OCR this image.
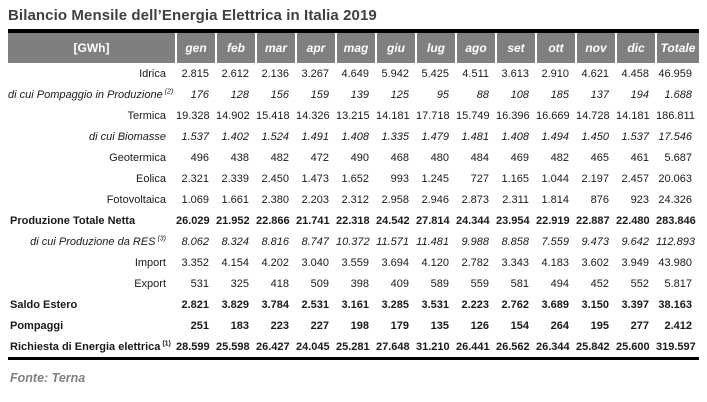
Bilancio Mensile dell’Energia Elettrica in Italia 2019
[GWh]	gen	feb	mar	apr	mag	giu	lug	ago	set	ott	nov	dic	Totale
Idrica	2.815	2.612	2.136	3.267	4.649	5.942	5.425	4.511	3.613	2.910	4.621	4.458	46.959
di cui Pompaggio in Produzione $^{(2)}$	176	128	156	159	139	125	95	88	108	185	137	194	1.688
Termica	19.328	14.902	15.418	14.326	13.215	14.181	17.718	15.749	16.396	16.669	14.728	14.181	186.811
di cui Biomasse	1.537	1.402	1.524	1.491	1.408	1.335	1.479	1.481	1.408	1.494	1.450	1.537	17.546
Geotermica	496	438	482	472	490	468	480	484	469	482	465	461	5.687
Eolica	2.321	2.339	2.450	1.473	1.652	993	1.245	727	1.165	1.044	2.197	2.457	20.063
Fotovoltaica	1.069	1.661	2.380	2.203	2.312	2.958	2.946	2.873	2.311	1.814	876	923	24.326
Produzione Totale Netta	26.029	21.952	22.866	21.741	22.318	24.542	27.814	24.344	23.954	22.919	22.887	22.480	283.846
di cui Produzione da RES $^{(3)}$	8.062	8.324	8.816	8.747	10.372	11.571	11.481	9.988	8.858	7.559	9.473	9.642	112.893
Import	3.352	4.154	4.202	3.040	3.559	3.694	4.120	2.782	3.343	4.183	3.602	3.949	43.980
Export	531	325	418	509	398	409	589	559	581	494	452	552	5.817
Saldo Estero	2.821	3.829	3.784	2.531	3.161	3.285	3.531	2.223	2.762	3.689	3.150	3.397	38.163
Pompaggi	251	183	223	227	198	179	135	126	154	264	195	277	2.412
Richiesta di Energia elettrica $^{(1)}$	28.599	25.598	26.427	24.045	25.281	27.648	31.210	26.441	26.562	26.344	25.842	25.600	319.597
Fonte: Terna
